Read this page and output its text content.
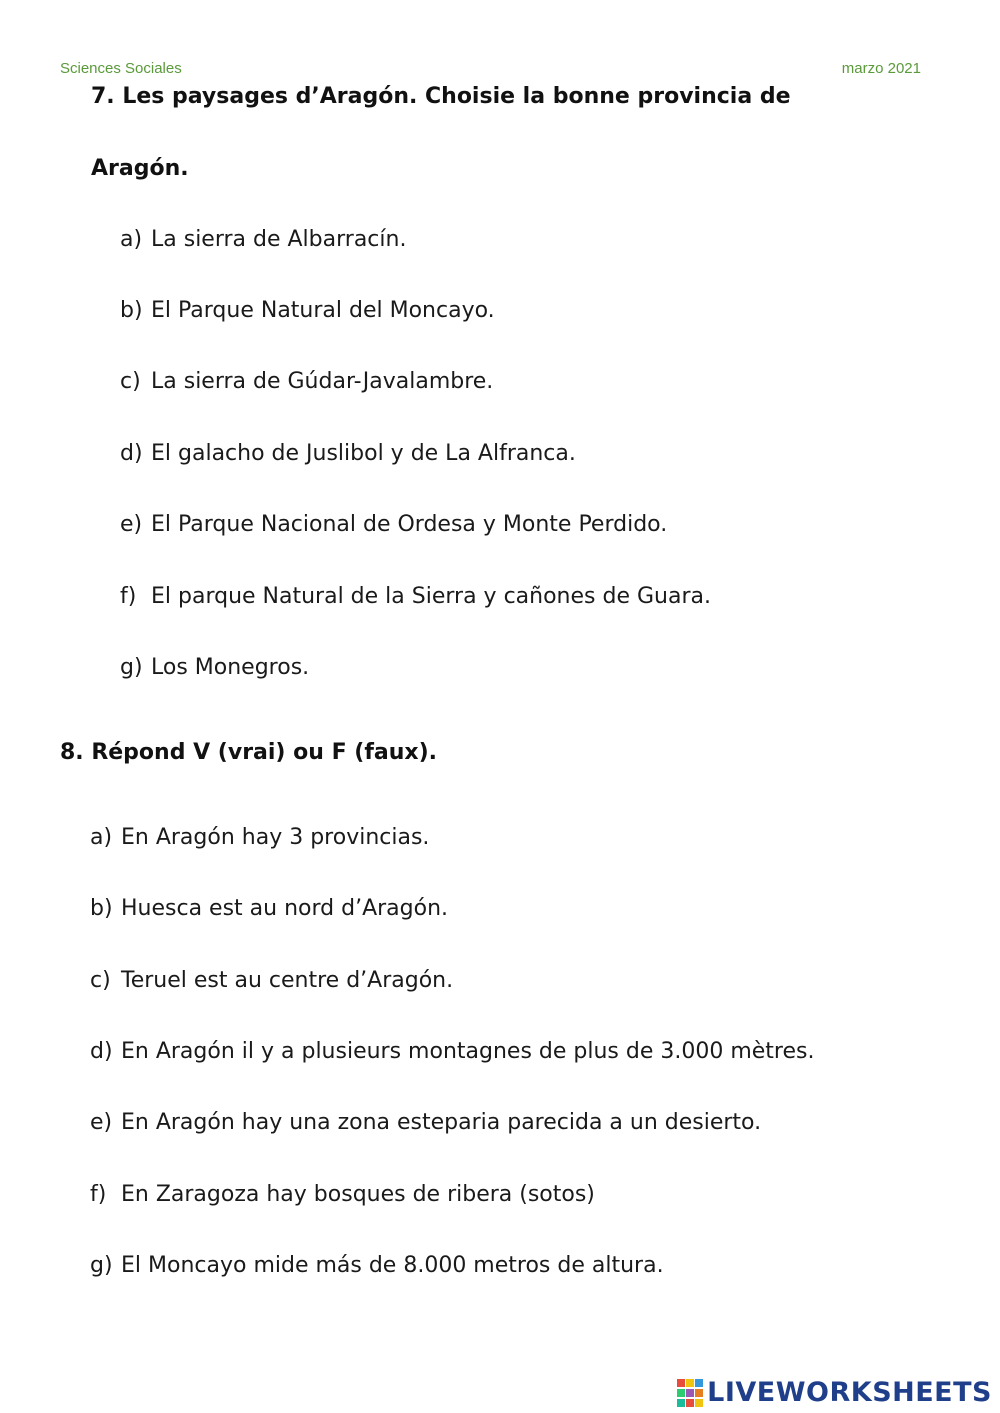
Sciences Sociales	marzo 2021
7. Les paysages d’Aragón. Choisie la bonne provincia de
Aragón.
a) La sierra de Albarracín.
b) El Parque Natural del Moncayo.
c) La sierra de Gúdar-Javalambre.
d) El galacho de Juslibol y de La Alfranca.
e) El Parque Nacional de Ordesa y Monte Perdido.
f) El parque Natural de la Sierra y cañones de Guara.
g) Los Monegros.
8. Répond V (vrai) ou F (faux).
a) En Aragón hay 3 provincias.
b) Huesca est au nord d’Aragón.
c) Teruel est au centre d’Aragón.
d) En Aragón il y a plusieurs montagnes de plus de 3.000 mètres.
e) En Aragón hay una zona esteparia parecida a un desierto.
f) En Zaragoza hay bosques de ribera (sotos)
g) El Moncayo mide más de 8.000 metros de altura.
LIVEWORKSHEETS
